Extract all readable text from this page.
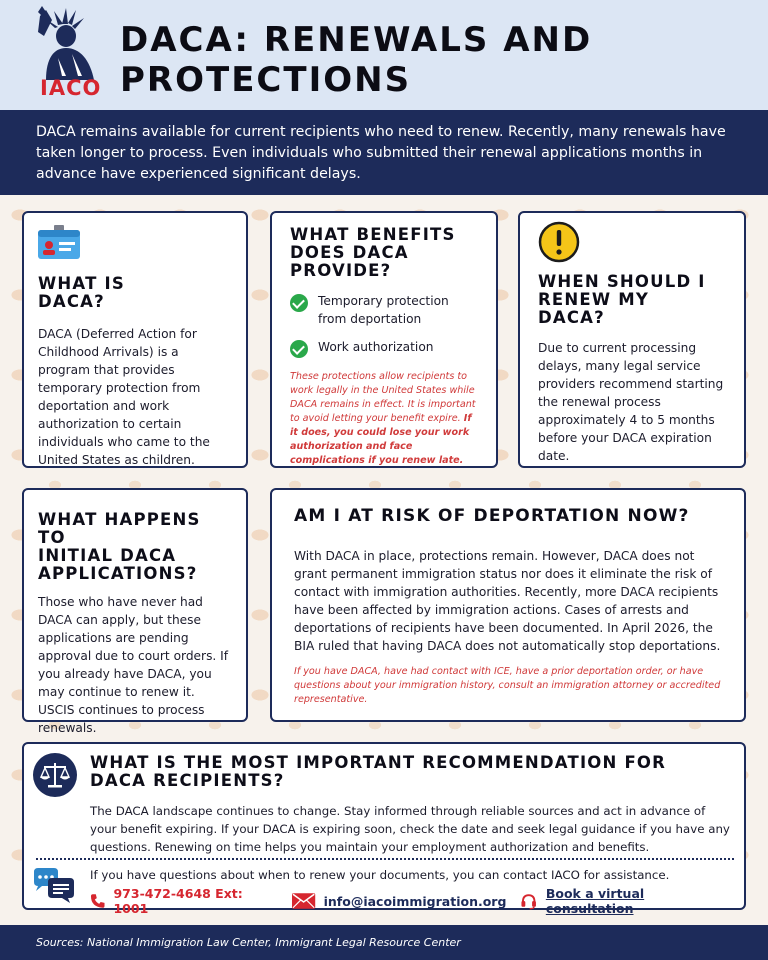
IACO
DACA: RENEWALS AND PROTECTIONS
DACA remains available for current recipients who need to renew. Recently, many renewals have taken longer to process. Even individuals who submitted their renewal applications months in advance have experienced significant delays.
WHAT IS
DACA?

DACA (Deferred Action for Childhood Arrivals) is a program that provides temporary protection from deportation and work authorization to certain individuals who came to the United States as children.

WHAT BENEFITS
DOES DACA
PROVIDE?
Temporary protection from deportation
Work authorization

These protections allow recipients to work legally in the United States while DACA remains in effect. It is important to avoid letting your benefit expire. If it does, you could lose your work authorization and face complications if you renew late.

WHEN SHOULD I
RENEW MY
DACA?

Due to current processing delays, many legal service providers recommend starting the renewal process approximately 4 to 5 months before your DACA expiration date.

WHAT HAPPENS TO
INITIAL DACA
APPLICATIONS?

Those who have never had DACA can apply, but these applications are pending approval due to court orders. If you already have DACA, you may continue to renew it. USCIS continues to process renewals.

AM I AT RISK OF DEPORTATION NOW?

With DACA in place, protections remain. However, DACA does not grant permanent immigration status nor does it eliminate the risk of contact with immigration authorities. Recently, more DACA recipients have been affected by immigration actions. Cases of arrests and deportations of recipients have been documented. In April 2026, the BIA ruled that having DACA does not automatically stop deportations.

If you have DACA, have had contact with ICE, have a prior deportation order, or have questions about your immigration history, consult an immigration attorney or accredited representative.

WHAT IS THE MOST IMPORTANT RECOMMENDATION FOR
DACA RECIPIENTS?

The DACA landscape continues to change. Stay informed through reliable sources and act in advance of your benefit expiring. If your DACA is expiring soon, check the date and seek legal guidance if you have any questions. Renewing on time helps you maintain your employment authorization and benefits.

If you have questions about when to renew your documents, you can contact IACO for assistance.

973-472-4648 Ext: 1001	info@iacoimmigration.org	Book a virtual consultation
Sources: National Immigration Law Center, Immigrant Legal Resource Center
